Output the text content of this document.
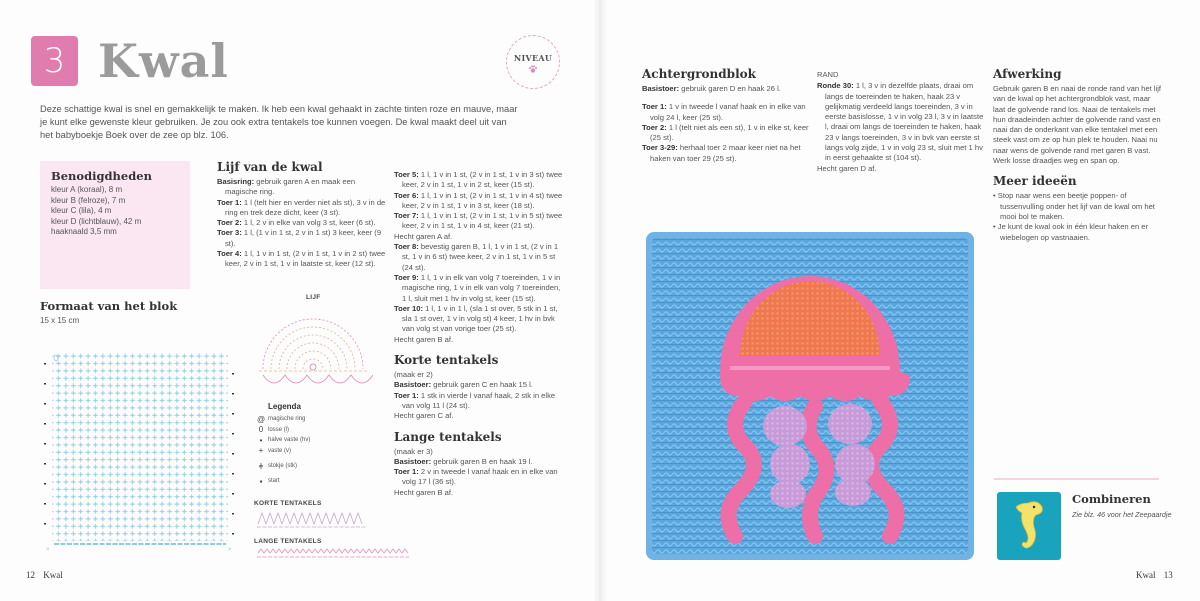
3 Kwal	NIVEAU

Deze schattige kwal is snel en gemakkelijk te maken. Ik heb een kwal gehaakt in zachte tinten roze en mauve, maar je kunt elke gewenste kleur gebruiken. Je zou ook extra tentakels toe kunnen voegen. De kwal maakt deel uit van het babyboekje Boek over de zee op blz. 106.

Benodigdheden
kleur A (koraal), 8 m
kleur B (felroze), 7 m
kleur C (lila), 4 m
kleur D (lichtblauw), 42 m
haaknaald 3,5 mm
Formaat van het blok
15 x 15 cm
Lijf van de kwal
Basisring: gebruik garen A en maak een magische ring.
Toer 1: 1 l (telt hier en verder niet als st), 3 v in de ring en trek deze dicht, keer (3 st).
Toer 2: 1 l, 2 v in elke van volg 3 st, keer (6 st).
Toer 3: 1 l, (1 v in 1 st, 2 v in 1 st) 3 keer, keer (9 st).
Toer 4: 1 l, 1 v in 1 st, (2 v in 1 st, 1 v in 2 st) twee keer, 2 v in 1 st, 1 v in laatste st, keer (12 st).
Toer 5: 1 l, 1 v in 1 st, (2 v in 1 st, 1 v in 3 st) twee keer, 2 v in 1 st, 1 v in 2 st, keer (15 st).
Toer 6: 1 l, 1 v in 1 st, (2 v in 1 st, 1 v in 4 st) twee keer, 2 v in 1 st, 1 v in 3 st, keer (18 st).
Toer 7: 1 l, 1 v in 1 st, (2 v in 1 st, 1 v in 5 st) twee keer, 2 v in 1 st, 1 v in 4 st, keer (21 st).
Hecht garen A af.
Toer 8: bevestig garen B, 1 l, 1 v in 1 st, (2 v in 1 st, 1 v in 6 st) twee keer, 2 v in 1 st, 1 v in 5 st (24 st).
Toer 9: 1 l, 1 v in elk van volg 7 toereinden, 1 v in magische ring, 1 v in elk van volg 7 toereinden, 1 l, sluit met 1 hv in volg st, keer (15 st).
Toer 10: 1 l, 1 v in 1 l, (sla 1 st over, 5 stk in 1 st, sla 1 st over, 1 v in volg st) 4 keer, 1 hv in bvk van volg st van vorige toer (25 st).
Hecht garen B af.
Korte tentakels
(maak er 2)
Basistoer: gebruik garen C en haak 15 l.
Toer 1: 1 stk in vierde l vanaf haak, 2 stk in elke van volg 11 l (24 st).
Hecht garen C af.
Lange tentakels
(maak er 3)
Basistoer: gebruik garen B en haak 19 l.
Toer 1: 2 v in tweede l vanaf haak en in elke van volg 17 l (36 st).
Hecht garen B af.
×	×
LIJF
Legenda
@ magische ring
0 losse (l)
• halve vaste (hv)
+ vaste (v)
ǂ stokje (stk)
▪ start
KORTE TENTAKELS
LANGE TENTAKELS
12 Kwal
Achtergrondblok
Basistoer: gebruik garen D en haak 26 l.
Toer 1: 1 v in tweede l vanaf haak en in elke van volg 24 l, keer (25 st).
Toer 2: 1 l (telt niet als een st), 1 v in elke st, keer (25 st).
Toer 3-29: herhaal toer 2 maar keer niet na het haken van toer 29 (25 st).
RAND
Ronde 30: 1 l, 3 v in dezelfde plaats, draai om langs de toereinden te haken, haak 23 v gelijkmatig verdeeld langs toereinden, 3 v in eerste basislosse, 1 v in volg 23 l, 3 v in laatste l, draai om langs de toereinden te haken, haak 23 v langs toereinden, 3 v in bvk van eerste st langs volg zijde, 1 v in volg 23 st, sluit met 1 hv in eerst gehaakte st (104 st).
Hecht garen D af.
Afwerking
Gebruik garen B en naai de ronde rand van het lijf van de kwal op het achtergrondblok vast, maar laat de golvende rand los. Naai de tentakels met hun draadeinden achter de golvende rand vast en naai dan de onderkant van elke tentakel met een steek vast om ze op hun plek te houden. Naai nu naar wens de golvende rand met garen B vast. Werk losse draadjes weg en span op.
Meer ideeën
• Stop naar wens een beetje poppen- of tussenvulling onder het lijf van de kwal om het mooi bol te maken.
• Je kunt de kwal ook in één kleur haken en er wiebelogen op vastnaaien.
Combineren

Zie blz. 46 voor het Zeepaardje

Kwal 13
